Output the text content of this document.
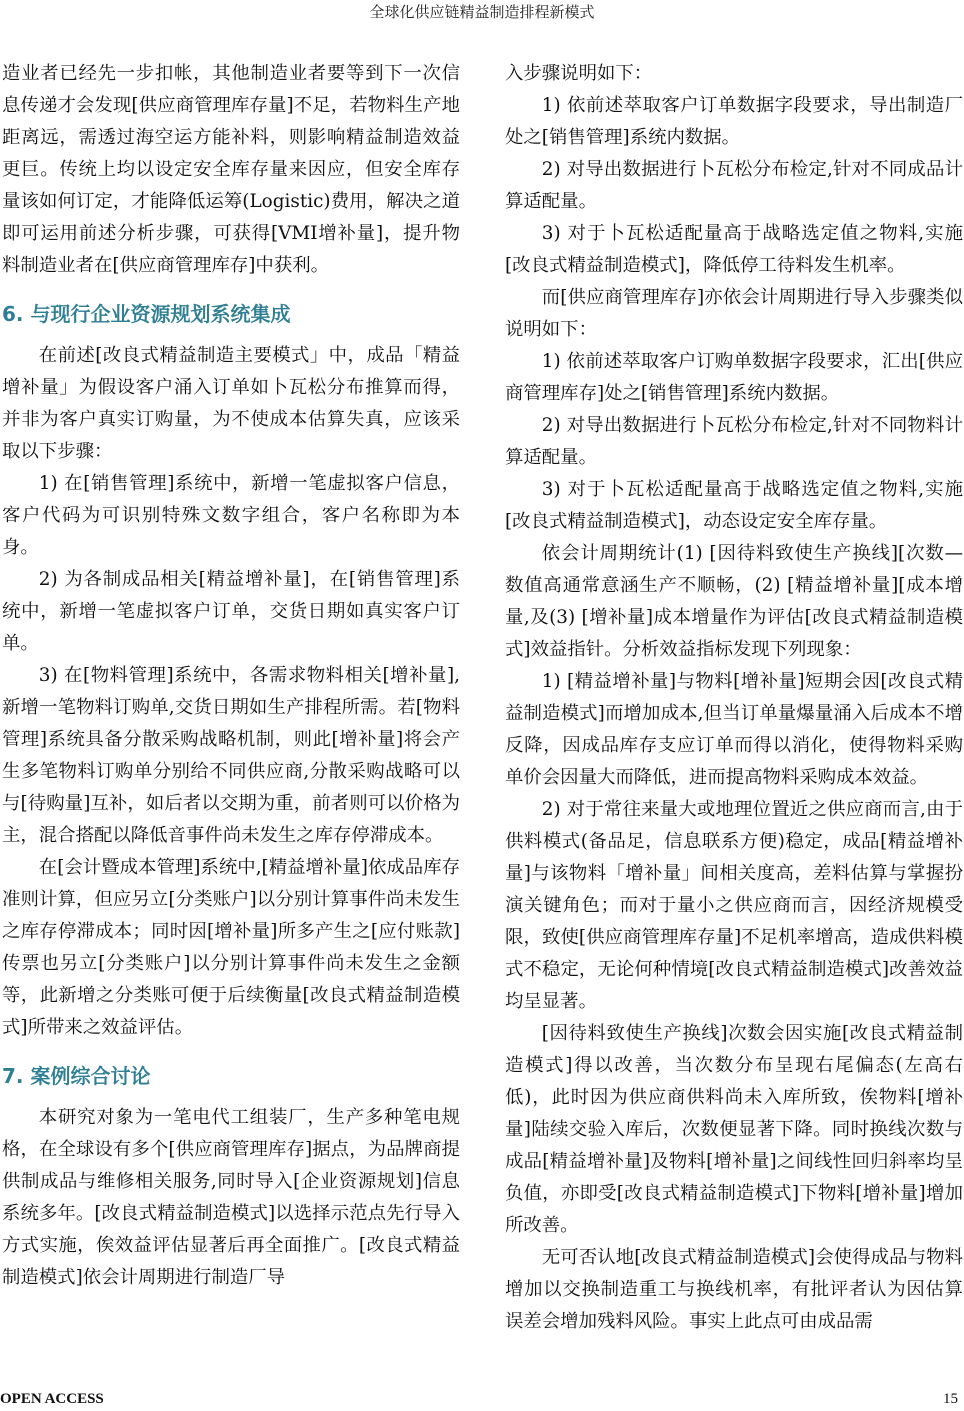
全球化供应链精益制造排程新模式

造业者已经先一步扣帐，其他制造业者要等到下一次信息传递才会发现[供应商管理库存量]不足，若物料生产地距离远，需透过海空运方能补料，则影响精益制造效益更巨。传统上均以设定安全库存量来因应，但安全库存量该如何订定，才能降低运筹(Logistic)费用，解决之道即可运用前述分析步骤，可获得[VMI增补量]，提升物料制造业者在[供应商管理库存]中获利。

6. 与现行企业资源规划系统集成

在前述[改良式精益制造主要模式」中，成品「精益增补量」为假设客户涌入订单如卜瓦松分布推算而得，并非为客户真实订购量，为不使成本估算失真，应该采取以下步骤：

1) 在[销售管理]系统中，新增一笔虚拟客户信息，客户代码为可识别特殊文数字组合，客户名称即为本身。

2) 为各制成品相关[精益增补量]，在[销售管理]系统中，新增一笔虚拟客户订单，交货日期如真实客户订单。

3) 在[物料管理]系统中，各需求物料相关[增补量],新增一笔物料订购单,交货日期如生产排程所需。若[物料管理]系统具备分散采购战略机制，则此[增补量]将会产生多笔物料订购单分别给不同供应商,分散采购战略可以与[待购量]互补，如后者以交期为重，前者则可以价格为主，混合搭配以降低音事件尚未发生之库存停滞成本。

在[会计暨成本管理]系统中,[精益增补量]依成品库存准则计算，但应另立[分类账户]以分别计算事件尚未发生之库存停滞成本；同时因[增补量]所多产生之[应付账款]传票也另立[分类账户]以分别计算事件尚未发生之金额等，此新增之分类账可便于后续衡量[改良式精益制造模式]所带来之效益评估。

7. 案例综合讨论

本研究对象为一笔电代工组装厂，生产多种笔电规格，在全球设有多个[供应商管理库存]据点，为品牌商提供制成品与维修相关服务,同时导入[企业资源规划]信息系统多年。[改良式精益制造模式]以选择示范点先行导入方式实施，俟效益评估显著后再全面推广。[改良式精益制造模式]依会计周期进行制造厂导

入步骤说明如下：

1) 依前述萃取客户订单数据字段要求，导出制造厂处之[销售管理]系统内数据。

2) 对导出数据进行卜瓦松分布检定,针对不同成品计算适配量。

3) 对于卜瓦松适配量高于战略选定值之物料,实施[改良式精益制造模式]，降低停工待料发生机率。

而[供应商管理库存]亦依会计周期进行导入步骤类似说明如下：

1) 依前述萃取客户订购单数据字段要求，汇出[供应商管理库存]处之[销售管理]系统内数据。

2) 对导出数据进行卜瓦松分布检定,针对不同物料计算适配量。

3) 对于卜瓦松适配量高于战略选定值之物料,实施[改良式精益制造模式]，动态设定安全库存量。

依会计周期统计(1) [因待料致使生产换线][次数—数值高通常意涵生产不顺畅，(2) [精益增补量][成本增量,及(3) [增补量]成本增量作为评估[改良式精益制造模式]效益指针。分析效益指标发现下列现象：

1) [精益增补量]与物料[增补量]短期会因[改良式精益制造模式]而增加成本,但当订单量爆量涌入后成本不增反降，因成品库存支应订单而得以消化，使得物料采购单价会因量大而降低，进而提高物料采购成本效益。

2) 对于常往来量大或地理位置近之供应商而言,由于供料模式(备品足，信息联系方便)稳定，成品[精益增补量]与该物料「增补量」间相关度高，差料估算与掌握扮演关键角色；而对于量小之供应商而言，因经济规模受限，致使[供应商管理库存量]不足机率增高，造成供料模式不稳定，无论何种情境[改良式精益制造模式]改善效益均呈显著。

[因待料致使生产换线]次数会因实施[改良式精益制造模式]得以改善，当次数分布呈现右尾偏态(左高右低)，此时因为供应商供料尚未入库所致，俟物料[增补量]陆续交验入库后，次数便显著下降。同时换线次数与成品[精益增补量]及物料[增补量]之间线性回归斜率均呈负值，亦即受[改良式精益制造模式]下物料[增补量]增加所改善。

无可否认地[改良式精益制造模式]会使得成品与物料增加以交换制造重工与换线机率，有批评者认为因估算误差会增加残料风险。事实上此点可由成品需

OPEN ACCESS	15
